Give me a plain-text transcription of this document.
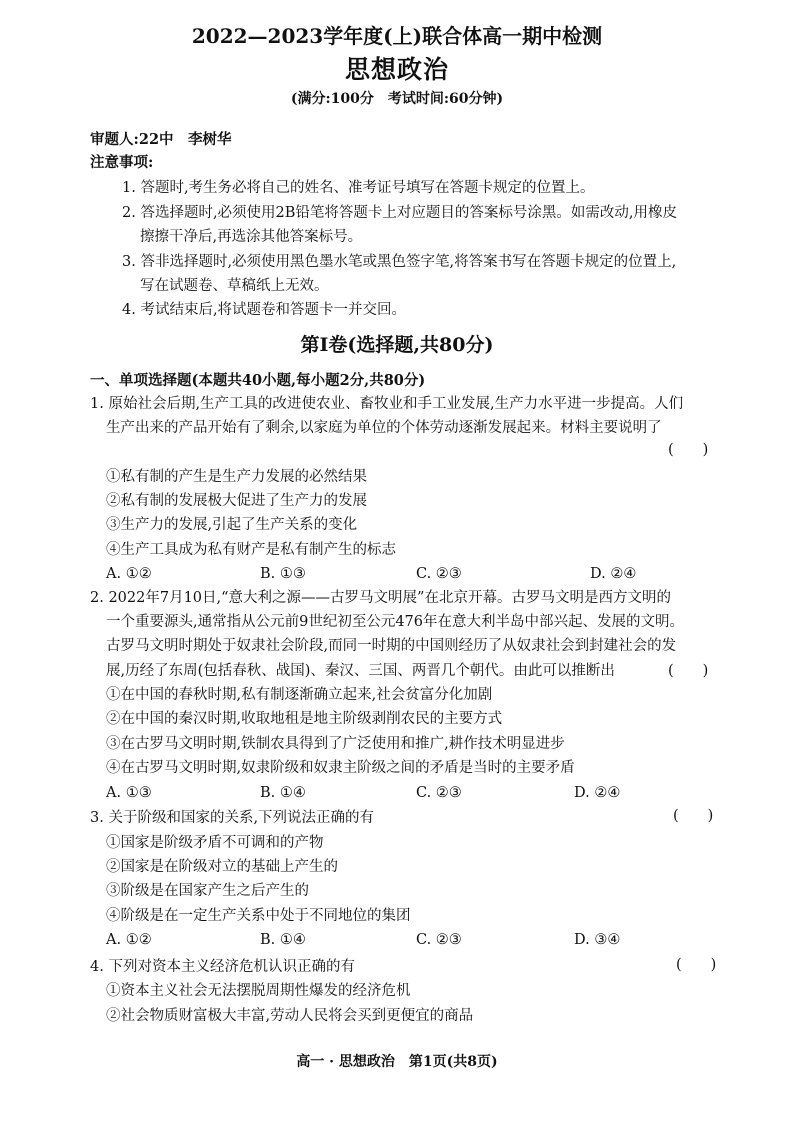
2022—2023学年度(上)联合体高一期中检测
思想政治
(满分:100分　考试时间:60分钟)
审题人:22中　李树华
注意事项:
1. 答题时,考生务必将自己的姓名、准考证号填写在答题卡规定的位置上。
2. 答选择题时,必须使用2B铅笔将答题卡上对应题目的答案标号涂黑。如需改动,用橡皮
擦擦干净后,再选涂其他答案标号。
3. 答非选择题时,必须使用黑色墨水笔或黑色签字笔,将答案书写在答题卡规定的位置上,
写在试题卷、草稿纸上无效。
4. 考试结束后,将试题卷和答题卡一并交回。
第Ⅰ卷(选择题,共80分)
一、单项选择题(本题共40小题,每小题2分,共80分)
1. 原始社会后期,生产工具的改进使农业、畜牧业和手工业发展,生产力水平进一步提高。人们
生产出来的产品开始有了剩余,以家庭为单位的个体劳动逐渐发展起来。材料主要说明了
(　　)
①私有制的产生是生产力发展的必然结果
②私有制的发展极大促进了生产力的发展
③生产力的发展,引起了生产关系的变化
④生产工具成为私有财产是私有制产生的标志
A. ①②	B. ①③	C. ②③	D. ②④
2. 2022年7月10日,“意大利之源——古罗马文明展”在北京开幕。古罗马文明是西方文明的
一个重要源头,通常指从公元前9世纪初至公元476年在意大利半岛中部兴起、发展的文明。
古罗马文明时期处于奴隶社会阶段,而同一时期的中国则经历了从奴隶社会到封建社会的发
展,历经了东周(包括春秋、战国)、秦汉、三国、两晋几个朝代。由此可以推断出	(　　)
①在中国的春秋时期,私有制逐渐确立起来,社会贫富分化加剧
②在中国的秦汉时期,收取地租是地主阶级剥削农民的主要方式
③在古罗马文明时期,铁制农具得到了广泛使用和推广,耕作技术明显进步
④在古罗马文明时期,奴隶阶级和奴隶主阶级之间的矛盾是当时的主要矛盾
A. ①③	B. ①④	C. ②③	D. ②④
3. 关于阶级和国家的关系,下列说法正确的有	(　　)
①国家是阶级矛盾不可调和的产物
②国家是在阶级对立的基础上产生的
③阶级是在国家产生之后产生的
④阶级是在一定生产关系中处于不同地位的集团
A. ①②	B. ①④	C. ②③	D. ③④
4. 下列对资本主义经济危机认识正确的有	(　　)
①资本主义社会无法摆脱周期性爆发的经济危机
②社会物质财富极大丰富,劳动人民将会买到更便宜的商品
高一 · 思想政治　第1页(共8页)
